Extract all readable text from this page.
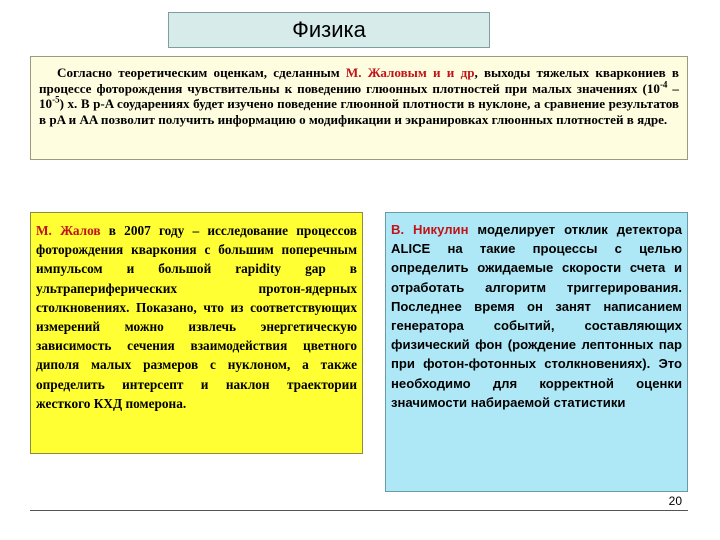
Физика
Согласно теоретическим оценкам, сделанным М. Жаловым и и др, выходы тяжелых кваркониев в процессе фоторождения чувствительны к поведению глюонных плотностей при малых значениях $(10^{-4} - 10^{-5})$ x. В p-A соударениях будет изучено поведение глюонной плотности в нуклоне, а сравнение результатов в pA и AA позволит получить информацию о модификации и экранировках глюонных плотностей в ядре.
М. Жалов в 2007 году – исследование процессов фоторождения кваркония с большим поперечным импульсом и большой rapidity gap в ультрапериферических протон-ядерных столкновениях. Показано, что из соответствующих измерений можно извлечь энергетическую зависимость сечения взаимодействия цветного диполя малых размеров с нуклоном, а также определить интерсепт и наклон траектории жесткого КХД померона.
В. Никулин моделирует отклик детектора ALICE на такие процессы с целью определить ожидаемые скорости счета и отработать алгоритм триггерирования. Последнее время он занят написанием генератора событий, составляющих физический фон (рождение лептонных пар при фотон-фотонных столкновениях). Это необходимо для корректной оценки значимости набираемой статистики
20
